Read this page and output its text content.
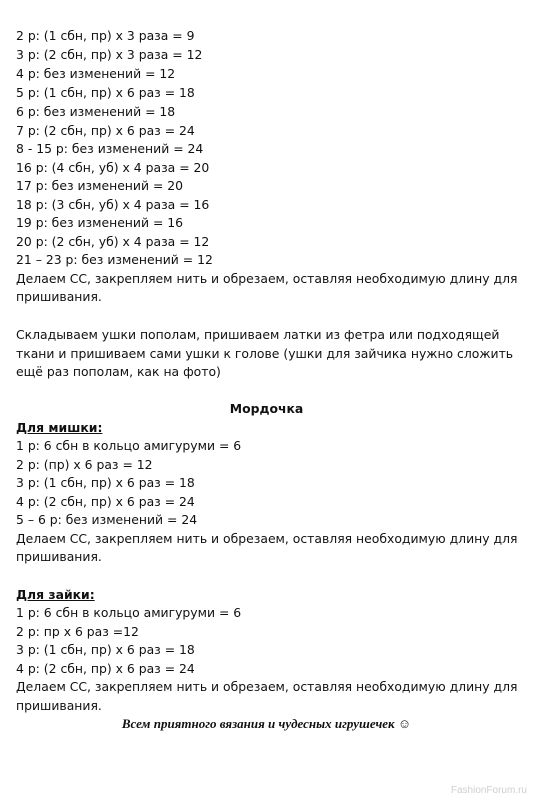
2 р: (1 сбн, пр) х 3 раза = 9
3 р: (2 сбн, пр) х 3 раза = 12
4 р: без изменений = 12
5 р: (1 сбн, пр) х 6 раз = 18
6 р: без изменений = 18
7 р: (2 сбн, пр) х 6 раз = 24
8 - 15 р: без изменений = 24
16 р: (4 сбн, уб) х 4 раза = 20
17 р: без изменений = 20
18 р: (3 сбн, уб) х 4 раза = 16
19 р: без изменений = 16
20 р: (2 сбн, уб) х 4 раза = 12
21 – 23 р: без изменений = 12
Делаем СС, закрепляем нить и обрезаем, оставляя необходимую длину для
пришивания.
Складываем ушки пополам, пришиваем латки из фетра или подходящей
ткани и пришиваем сами ушки к голове (ушки для зайчика нужно сложить
ещё раз пополам, как на фото)
Мордочка
Для мишки:
1 р: 6 сбн в кольцо амигуруми = 6
2 р: (пр) х 6 раз = 12
3 р: (1 сбн, пр) х 6 раз = 18
4 р: (2 сбн, пр) х 6 раз = 24
5 – 6 р: без изменений = 24
Делаем СС, закрепляем нить и обрезаем, оставляя необходимую длину для
пришивания.
Для зайки:
1 р: 6 сбн в кольцо амигуруми = 6
2 р: пр х 6 раз =12
3 р: (1 сбн, пр) х 6 раз = 18
4 р: (2 сбн, пр) х 6 раз = 24
Делаем СС, закрепляем нить и обрезаем, оставляя необходимую длину для
пришивания.
Всем приятного вязания и чудесных игрушечек ☺
FashionForum.ru
